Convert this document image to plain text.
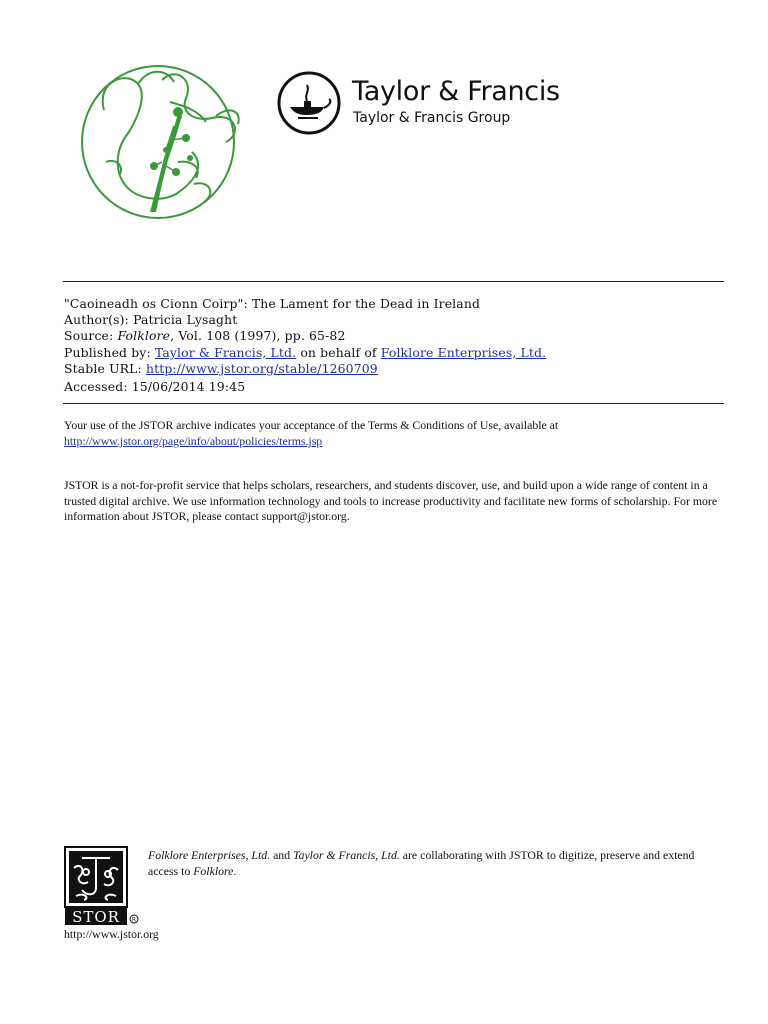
Taylor & Francis
Taylor & Francis Group
"Caoineadh os Cionn Coirp": The Lament for the Dead in Ireland
Author(s): Patricia Lysaght
Source: Folklore, Vol. 108 (1997), pp. 65-82
Published by: Taylor & Francis, Ltd. on behalf of Folklore Enterprises, Ltd.
Stable URL: http://www.jstor.org/stable/1260709
Accessed: 15/06/2014 19:45
Your use of the JSTOR archive indicates your acceptance of the Terms & Conditions of Use, available at
http://www.jstor.org/page/info/about/policies/terms.jsp
JSTOR is a not-for-profit service that helps scholars, researchers, and students discover, use, and build upon a wide range of content in a trusted digital archive. We use information technology and tools to increase productivity and facilitate new forms of scholarship. For more information about JSTOR, please contact support@jstor.org.
STOR R
Folklore Enterprises, Ltd. and Taylor & Francis, Ltd. are collaborating with JSTOR to digitize, preserve and extend access to Folklore.
http://www.jstor.org
